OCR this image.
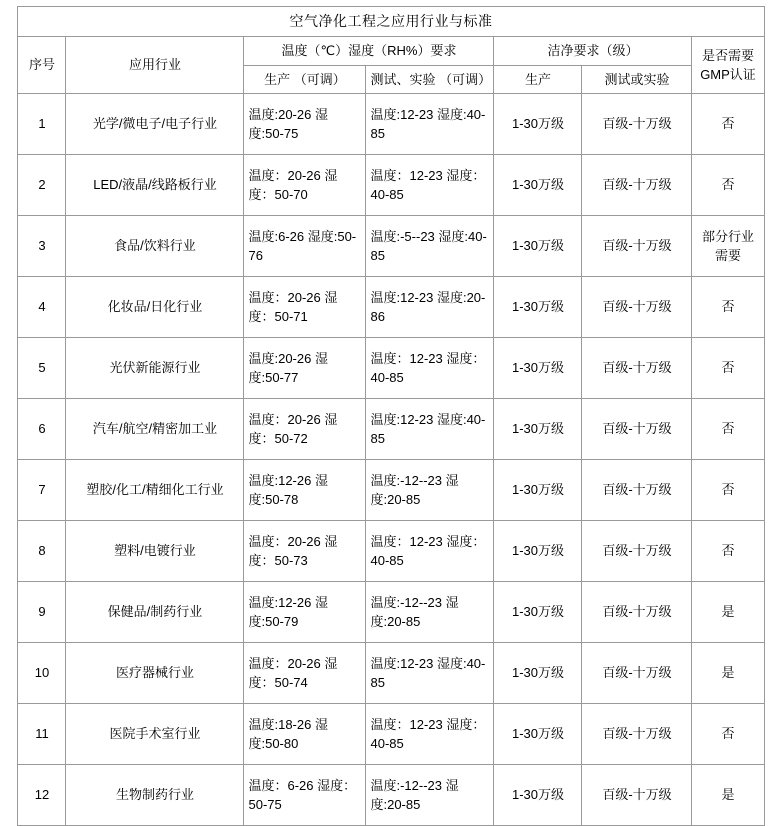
空气净化工程之应用行业与标准						
序号	应用行业	温度（℃）湿度（RH%）要求		洁净要求（级）		是否需要GMP认证
		生产 （可调）	测试、实验 （可调）	生产	测试或实验	
1	光学/微电子/电子行业	温度:20-26 湿度:50-75	温度:12-23 湿度:40-85	1-30万级	百级-十万级	否
2	LED/液晶/线路板行业	温度：20-26 湿度：50-70	温度：12-23 湿度：40-85	1-30万级	百级-十万级	否
3	食品/饮料行业	温度:6-26 湿度:50-76	温度:-5--23 湿度:40-85	1-30万级	百级-十万级	部分行业需要
4	化妆品/日化行业	温度：20-26 湿度：50-71	温度:12-23 湿度:20-86	1-30万级	百级-十万级	否
5	光伏新能源行业	温度:20-26 湿度:50-77	温度：12-23 湿度：40-85	1-30万级	百级-十万级	否
6	汽车/航空/精密加工业	温度：20-26 湿度：50-72	温度:12-23 湿度:40-85	1-30万级	百级-十万级	否
7	塑胶/化工/精细化工行业	温度:12-26 湿度:50-78	温度:-12--23 湿度:20-85	1-30万级	百级-十万级	否
8	塑料/电镀行业	温度：20-26 湿度：50-73	温度：12-23 湿度：40-85	1-30万级	百级-十万级	否
9	保健品/制药行业	温度:12-26 湿度:50-79	温度:-12--23 湿度:20-85	1-30万级	百级-十万级	是
10	医疗器械行业	温度：20-26 湿度：50-74	温度:12-23 湿度:40-85	1-30万级	百级-十万级	是
11	医院手术室行业	温度:18-26 湿度:50-80	温度：12-23 湿度：40-85	1-30万级	百级-十万级	否
12	生物制药行业	温度：6-26 湿度：50-75	温度:-12--23 湿度:20-85	1-30万级	百级-十万级	是
